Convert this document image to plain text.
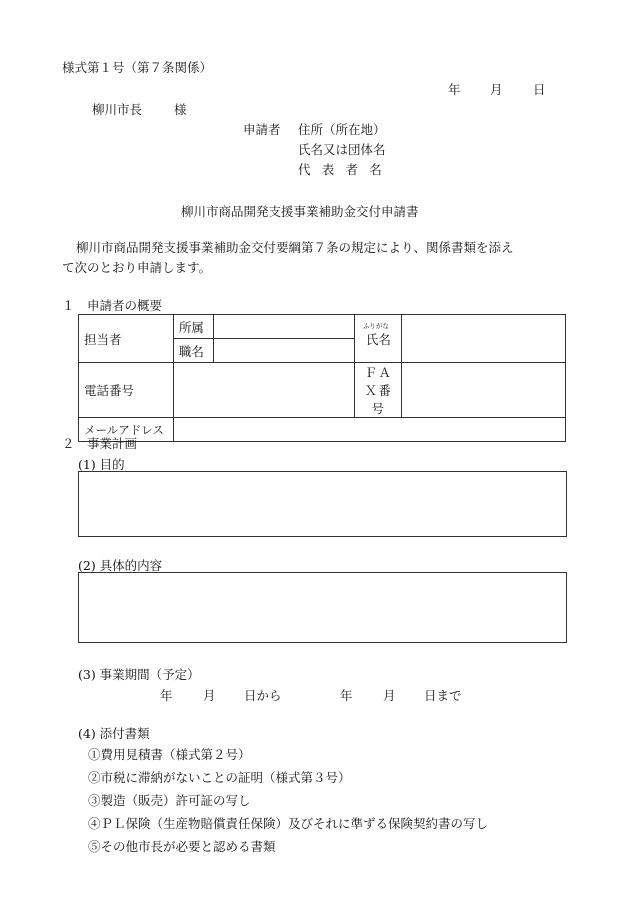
様式第１号（第７条関係）
年 月 日
柳川市長	様
申請者 住所（所在地）
氏名又は団体名
代表者名
柳川市商品開発支援事業補助金交付申請書
柳川市商品開発支援事業補助金交付要綱第７条の規定により、関係書類を添え
て次のとおり申請します。
１　申請者の概要
担当者	所属		ふりがな
氏名	
	職名			
電話番号			ＦＡＸ番号	
メールアドレス				
２　事業計画
(1) 目的
(2) 具体的内容
(3) 事業期間（予定）
年 月 日から	年 月 日まで
(4) 添付書類
①費用見積書（様式第２号）
②市税に滞納がないことの証明（様式第３号）
③製造（販売）許可証の写し
④ＰＬ保険（生産物賠償責任保険）及びそれに準ずる保険契約書の写し
⑤その他市長が必要と認める書類
